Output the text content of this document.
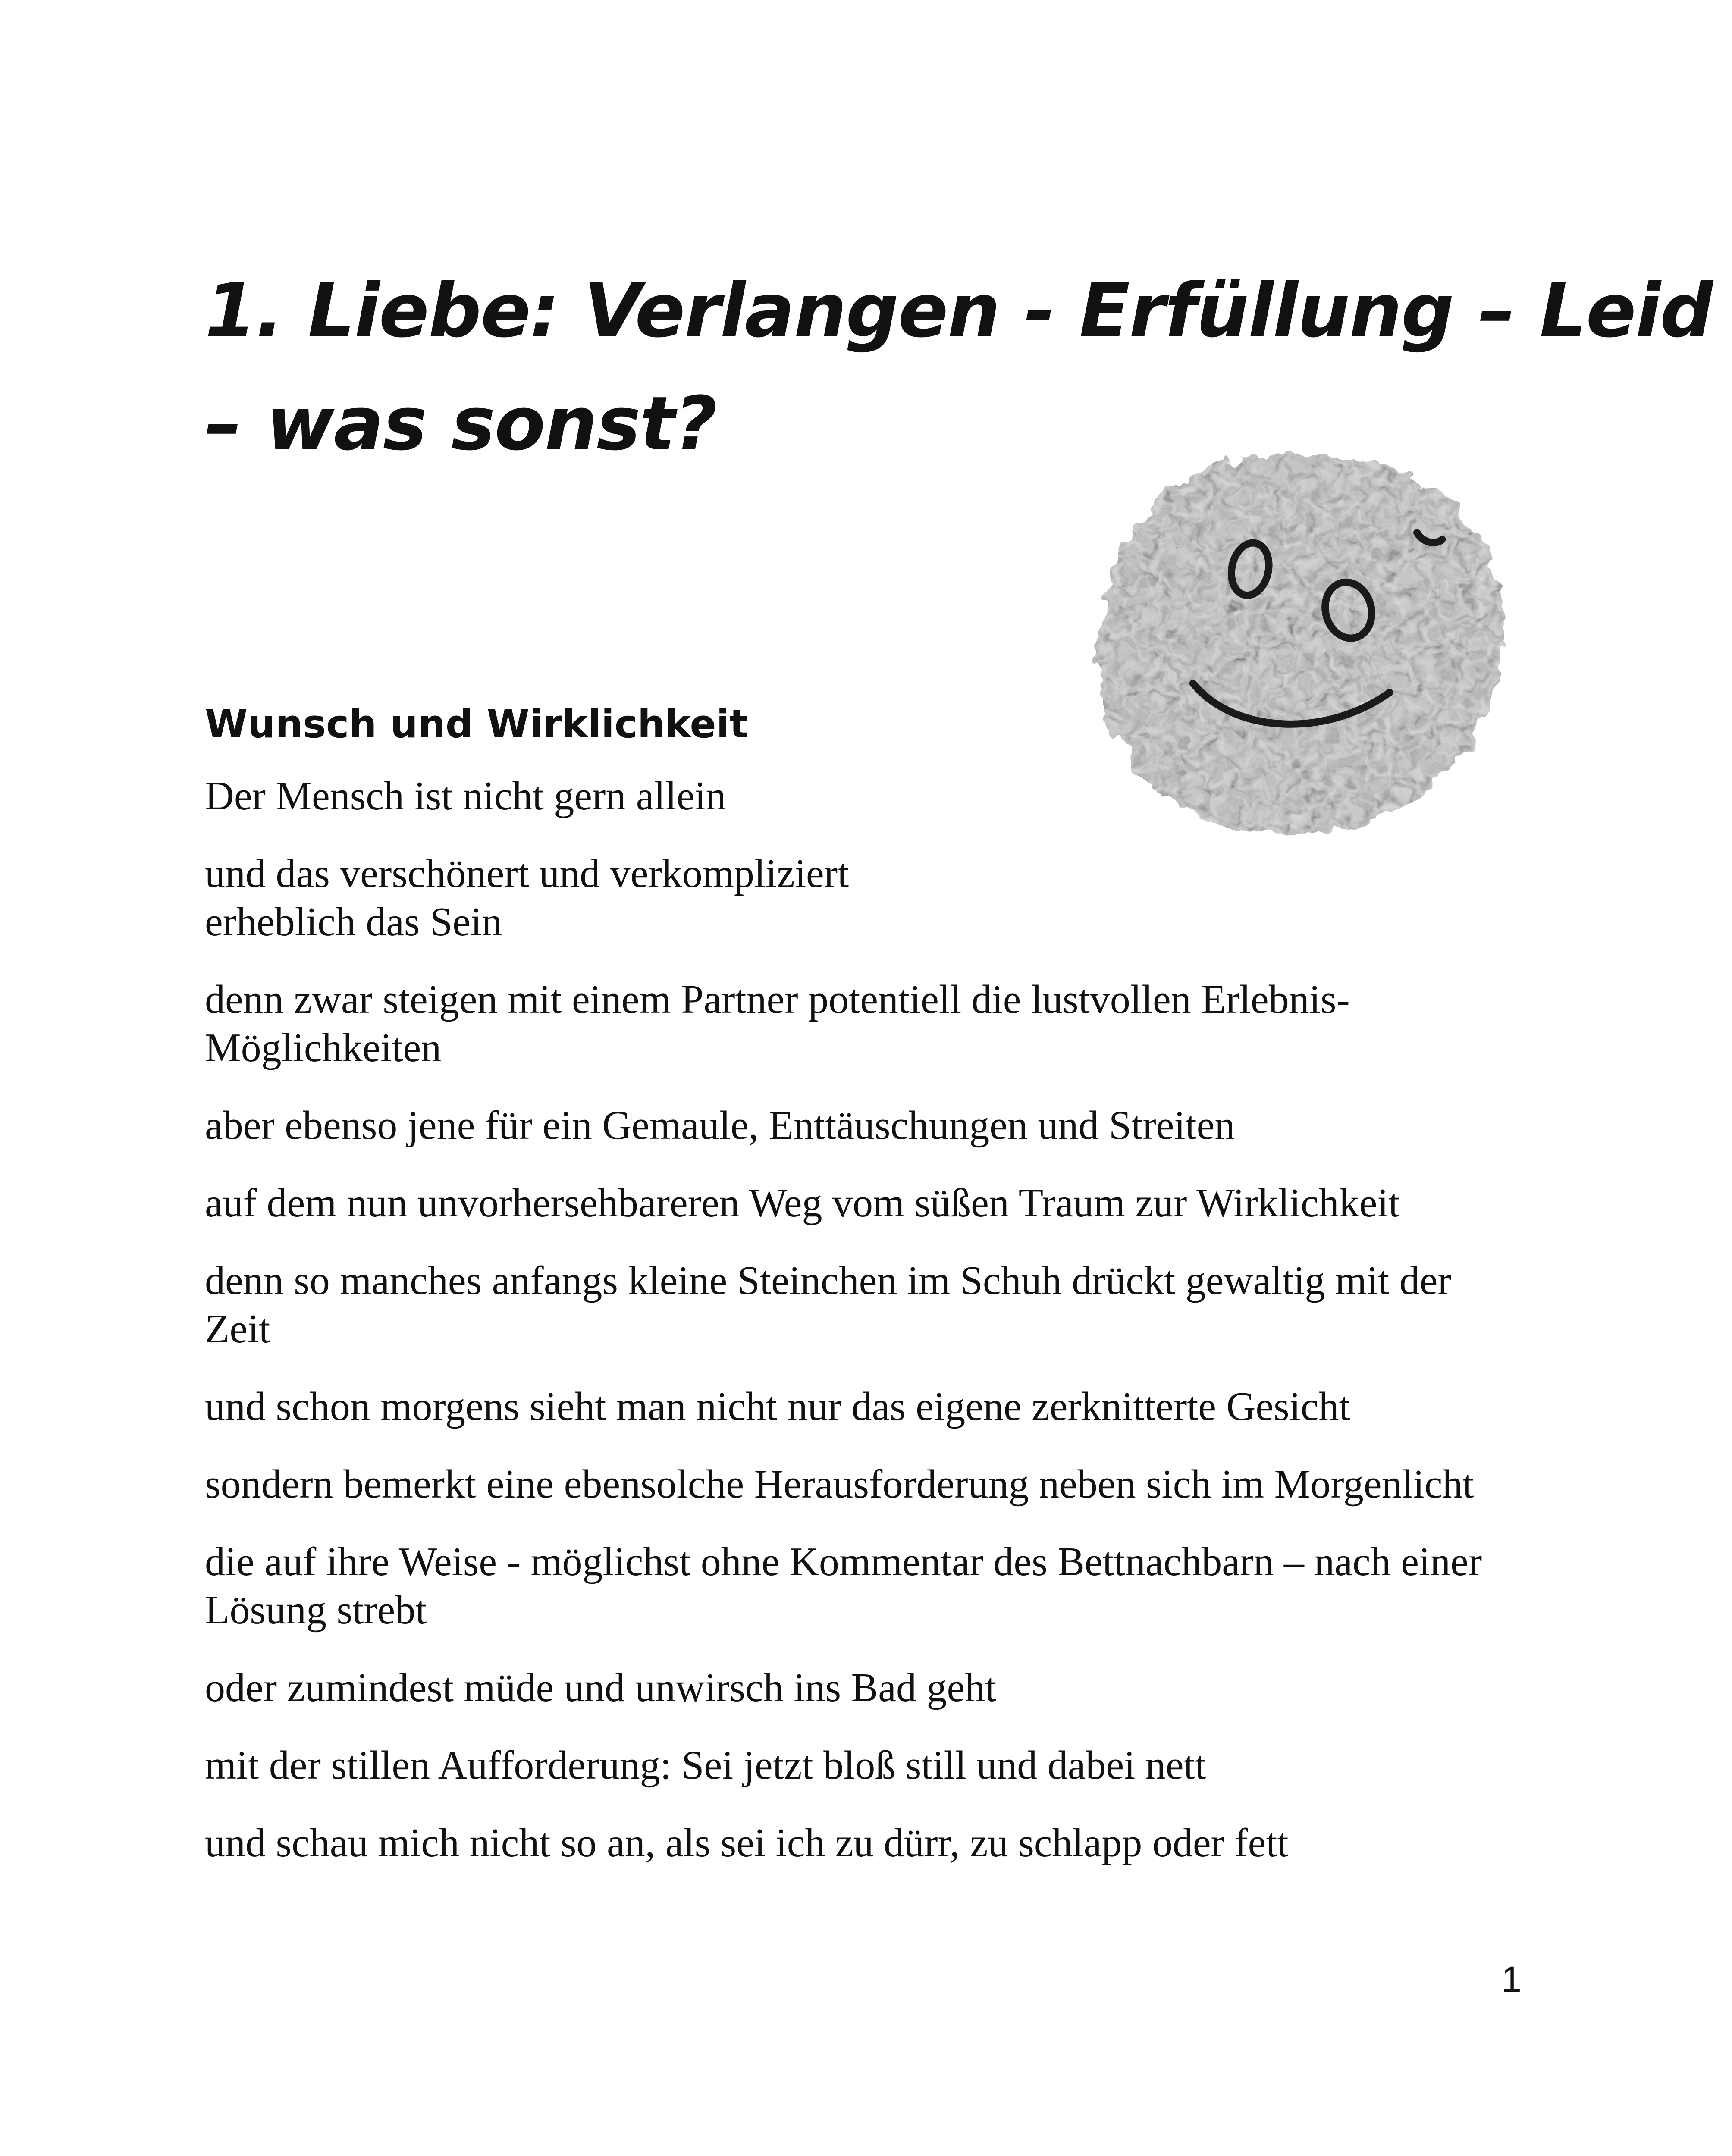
1. Liebe: Verlangen - Erfüllung – Leid
– was sonst?
Wunsch und Wirklichkeit

Der Mensch ist nicht gern allein

und das verschönert und verkompliziert erheblich das Sein

denn zwar steigen mit einem Partner potentiell die lustvollen Erlebnis-Möglichkeiten

aber ebenso jene für ein Gemaule, Enttäuschungen und Streiten

auf dem nun unvorhersehbareren Weg vom süßen Traum zur Wirklichkeit

denn so manches anfangs kleine Steinchen im Schuh drückt gewaltig mit der Zeit

und schon morgens sieht man nicht nur das eigene zerknitterte Gesicht

sondern bemerkt eine ebensolche Herausforderung neben sich im Morgenlicht

die auf ihre Weise - möglichst ohne Kommentar des Bettnachbarn – nach einer Lösung strebt

oder zumindest müde und unwirsch ins Bad geht

mit der stillen Aufforderung: Sei jetzt bloß still und dabei nett

und schau mich nicht so an, als sei ich zu dürr, zu schlapp oder fett

1
